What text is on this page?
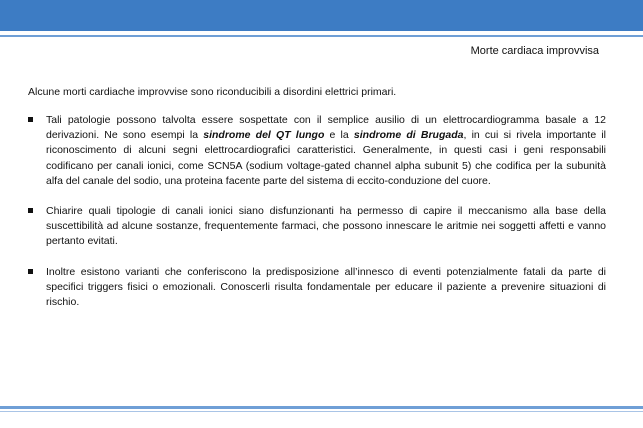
Morte cardiaca improvvisa
Alcune morti cardiache improvvise sono riconducibili a disordini elettrici primari.
Tali patologie possono talvolta essere sospettate con il semplice ausilio di un elettrocardiogramma basale a 12 derivazioni. Ne sono esempi la sindrome del QT lungo e la sindrome di Brugada, in cui si rivela importante il riconoscimento di alcuni segni elettrocardiografici caratteristici. Generalmente, in questi casi i geni responsabili codificano per canali ionici, come SCN5A (sodium voltage-gated channel alpha subunit 5) che codifica per la subunità alfa del canale del sodio, una proteina facente parte del sistema di eccito-conduzione del cuore.
Chiarire quali tipologie di canali ionici siano disfunzionanti ha permesso di capire il meccanismo alla base della suscettibilità ad alcune sostanze, frequentemente farmaci, che possono innescare le aritmie nei soggetti affetti e vanno pertanto evitati.
Inoltre esistono varianti che conferiscono la predisposizione all’innesco di eventi potenzialmente fatali da parte di specifici triggers fisici o emozionali. Conoscerli risulta fondamentale per educare il paziente a prevenire situazioni di rischio.
